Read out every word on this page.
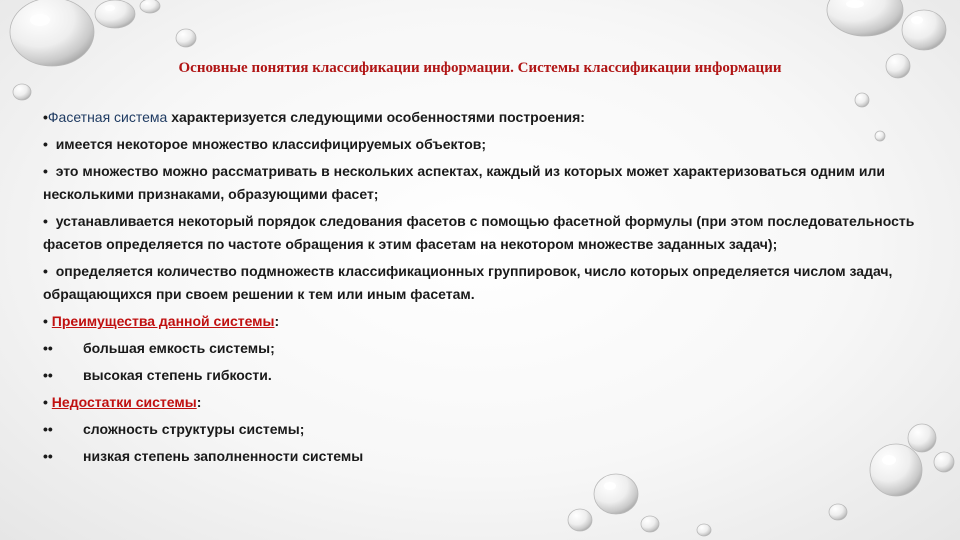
Основные понятия классификации информации. Системы классификации информации

•Фасетная система характеризуется следующими особенностями построения:

• имеется некоторое множество классифицируемых объектов;

• это множество можно рассматривать в нескольких аспектах, каждый из которых может характеризоваться одним или несколькими признаками, образующими фасет;

• устанавливается некоторый порядок следования фасетов с помощью фасетной формулы (при этом последовательность фасетов определяется по частоте обращения к этим фасетам на некотором множестве заданных задач);

• определяется количество подмножеств классификационных группировок, число которых определяется числом задач, обращающихся при своем решении к тем или иным фасетам.

• Преимущества данной системы:

•• большая емкость системы;

•• высокая степень гибкости.

• Недостатки системы:

•• сложность структуры системы;

•• низкая степень заполненности системы
